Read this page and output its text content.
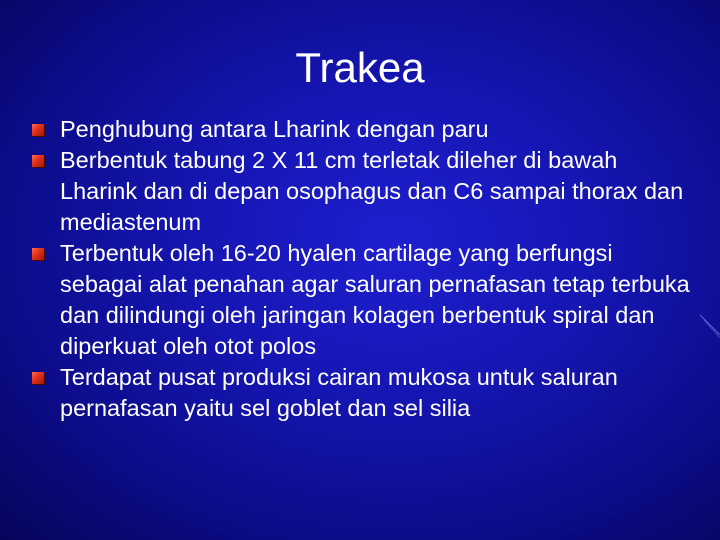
Trakea
Penghubung antara Lharink dengan paru
Berbentuk tabung 2 X 11 cm terletak dileher di bawah Lharink dan di depan osophagus dan C6 sampai thorax dan mediastenum
Terbentuk oleh 16-20 hyalen cartilage yang berfungsi sebagai alat penahan agar saluran pernafasan tetap terbuka dan dilindungi oleh jaringan kolagen berbentuk spiral dan diperkuat oleh otot polos
Terdapat pusat produksi cairan mukosa untuk saluran pernafasan yaitu sel goblet dan sel silia
